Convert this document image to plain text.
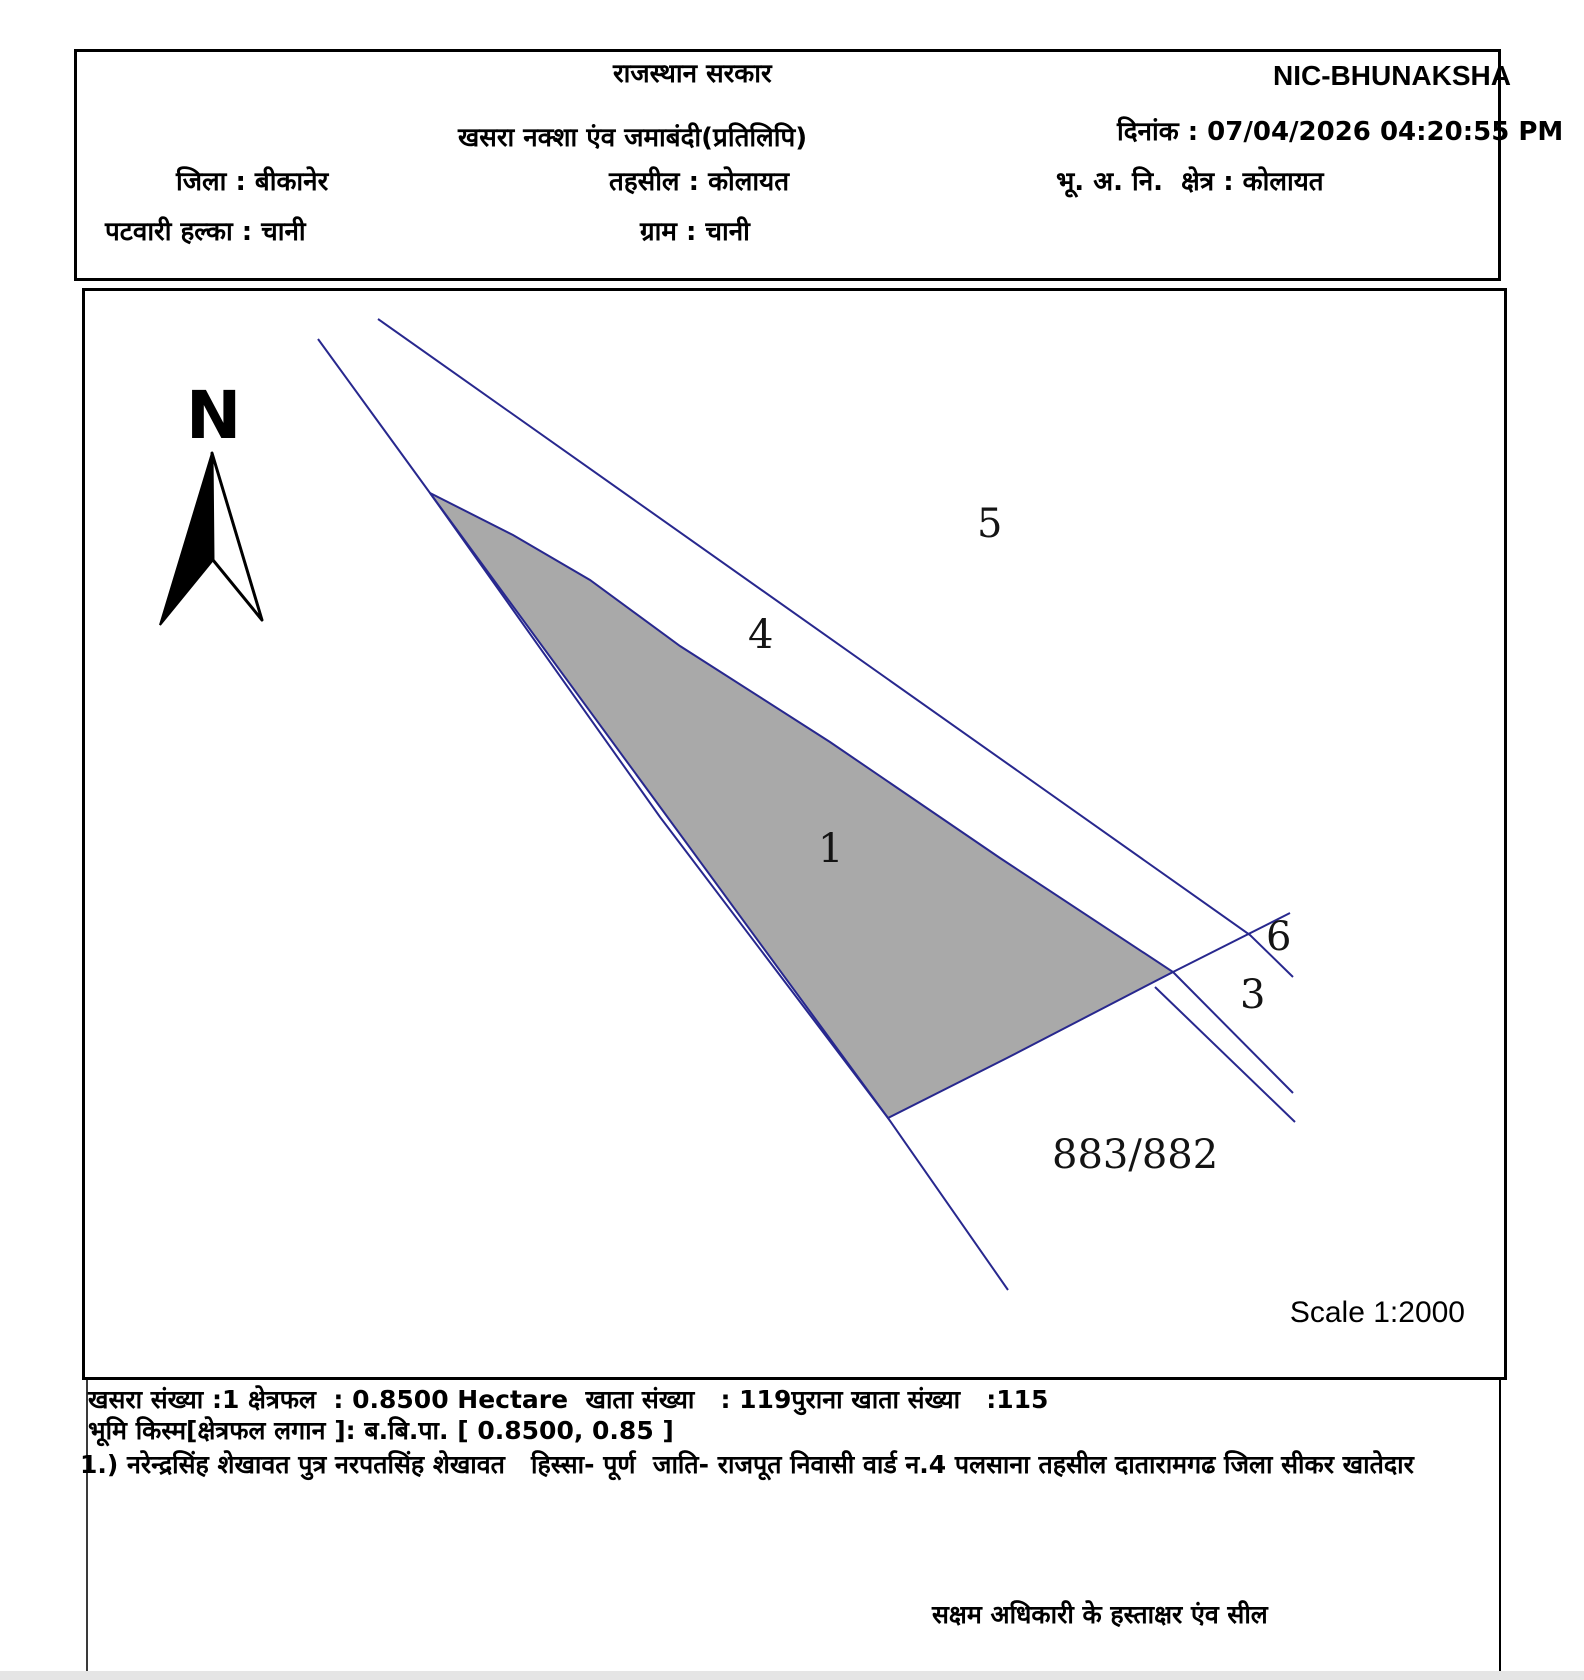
राजस्थान सरकार	NIC-BHUNAKSHA
खसरा नक्शा एंव जमाबंदी(प्रतिलिपि)	दिनांक : 07/04/2026 04:20:55 PM
जिला : बीकानेर	तहसील : कोलायत	भू. अ. नि.  क्षेत्र : कोलायत
पटवारी हल्का : चानी	ग्राम : चानी
N
5
4
1
6
3
883/882
Scale 1:2000
खसरा संख्या :1 क्षेत्रफल  : 0.8500 Hectare  खाता संख्या   : 119पुराना खाता संख्या   :115
भूमि किस्म[क्षेत्रफल लगान ]: ब.बि.पा. [ 0.8500, 0.85 ]
1.) नरेन्द्रसिंह शेखावत पुत्र नरपतसिंह शेखावत   हिस्सा- पूर्ण  जाति- राजपूत निवासी वार्ड न.4 पलसाना तहसील दातारामगढ जिला सीकर खातेदार
सक्षम अधिकारी के हस्ताक्षर एंव सील
